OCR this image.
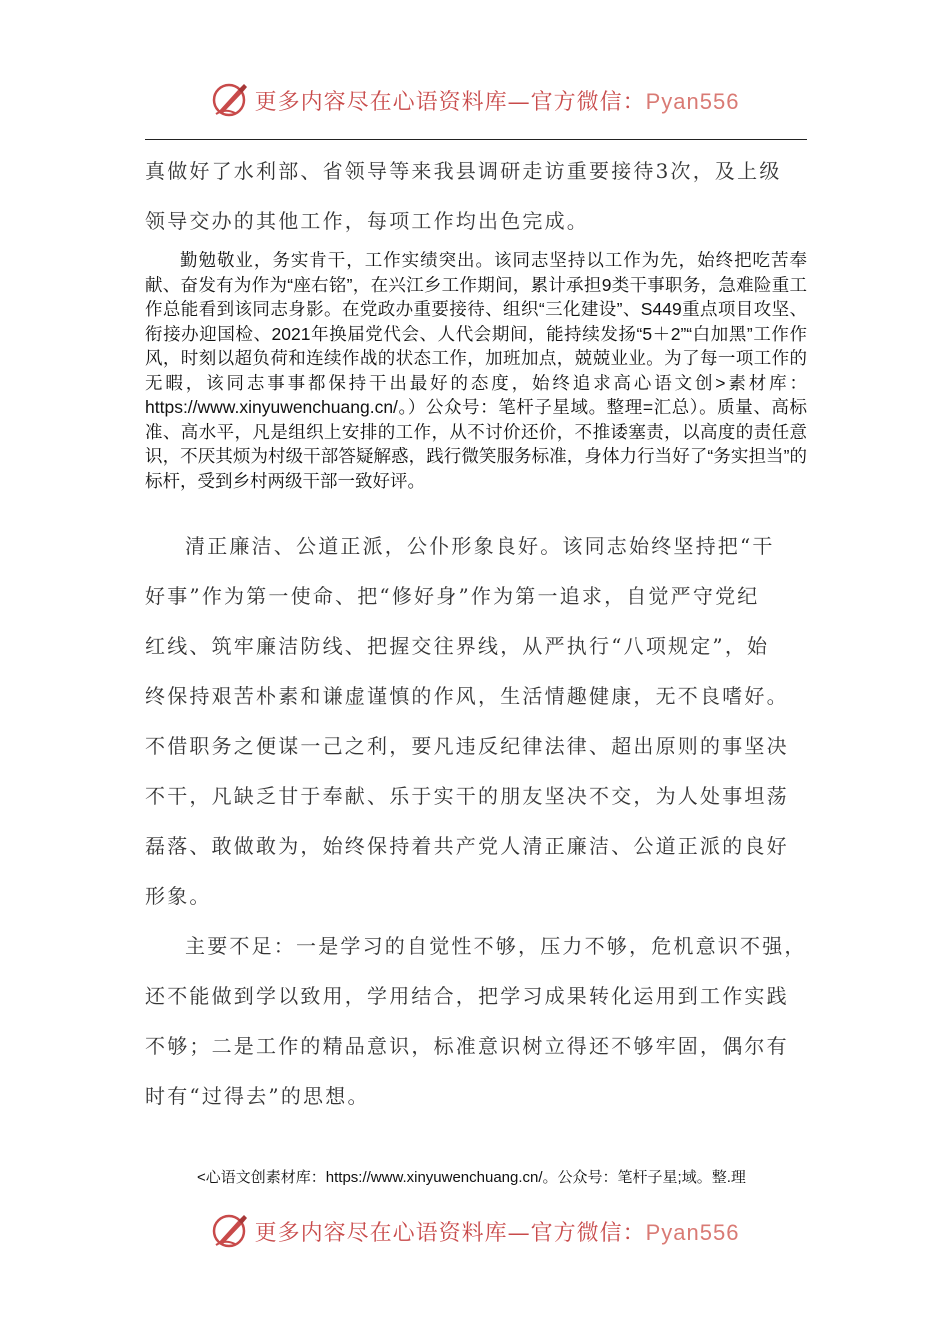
更多内容尽在心语资料库—官方微信：Pyan556
真做好了水利部、省领导等来我县调研走访重要接待3次，及上级
领导交办的其他工作，每项工作均出色完成。

勤勉敬业，务实肯干，工作实绩突出。该同志坚持以工作为先，始终把吃苦奉献、奋发有为作为“座右铭”，在兴江乡工作期间，累计承担9类干事职务，急难险重工作总能看到该同志身影。在党政办重要接待、组织“三化建设”、S449重点项目攻坚、衔接办迎国检、2021年换届党代会、人代会期间，能持续发扬“5＋2”“白加黑”工作作风，时刻以超负荷和连续作战的状态工作，加班加点，兢兢业业。为了每一项工作的无暇，该同志事事都保持干出最好的态度，始终追求高心语文创>素材库：https://www.xinyuwenchuang.cn/。）公众号：笔杆子星域。整理=汇总）。质量、高标准、高水平，凡是组织上安排的工作，从不讨价还价，不推诿塞责，以高度的责任意识，不厌其烦为村级干部答疑解惑，践行微笑服务标准，身体力行当好了“务实担当”的标杆，受到乡村两级干部一致好评。

清正廉洁、公道正派，公仆形象良好。该同志始终坚持把“干
好事”作为第一使命、把“修好身”作为第一追求，自觉严守党纪
红线、筑牢廉洁防线、把握交往界线，从严执行“八项规定”，始
终保持艰苦朴素和谦虚谨慎的作风，生活情趣健康，无不良嗜好。
不借职务之便谋一己之利，要凡违反纪律法律、超出原则的事坚决
不干，凡缺乏甘于奉献、乐于实干的朋友坚决不交，为人处事坦荡
磊落、敢做敢为，始终保持着共产党人清正廉洁、公道正派的良好
形象。
主要不足：一是学习的自觉性不够，压力不够，危机意识不强，
还不能做到学以致用，学用结合，把学习成果转化运用到工作实践
不够；二是工作的精品意识，标准意识树立得还不够牢固，偶尔有
时有“过得去”的思想。
<心语文创素材库：https://www.xinyuwenchuang.cn/。公众号：笔杆子星;域。整.理
更多内容尽在心语资料库—官方微信：Pyan556
